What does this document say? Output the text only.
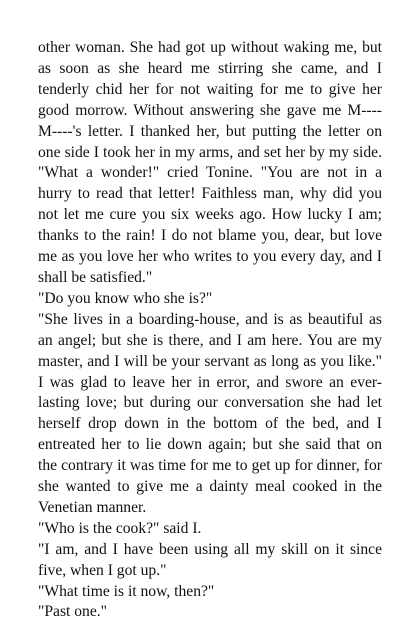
other woman. She had got up without waking me, but as soon as she heard me stirring she came, and I tenderly chid her for not waiting for me to give her good morrow. Without answering she gave me M----M----'s letter. I thanked her, but putting the letter on one side I took her in my arms, and set her by my side. "What a wonder!" cried Tonine. "You are not in a hurry to read that letter! Faithless man, why did you not let me cure you six weeks ago. How lucky I am; thanks to the rain! I do not blame you, dear, but love me as you love her who writes to you every day, and I shall be satisfied."

"Do you know who she is?"

"She lives in a boarding-house, and is as beautiful as an angel; but she is there, and I am here. You are my master, and I will be your servant as long as you like." I was glad to leave her in error, and swore an ever-lasting love; but during our conversation she had let herself drop down in the bottom of the bed, and I entreated her to lie down again; but she said that on the contrary it was time for me to get up for dinner, for she wanted to give me a dainty meal cooked in the Venetian manner.

"Who is the cook?" said I.

"I am, and I have been using all my skill on it since five, when I got up."

"What time is it now, then?"

"Past one."
